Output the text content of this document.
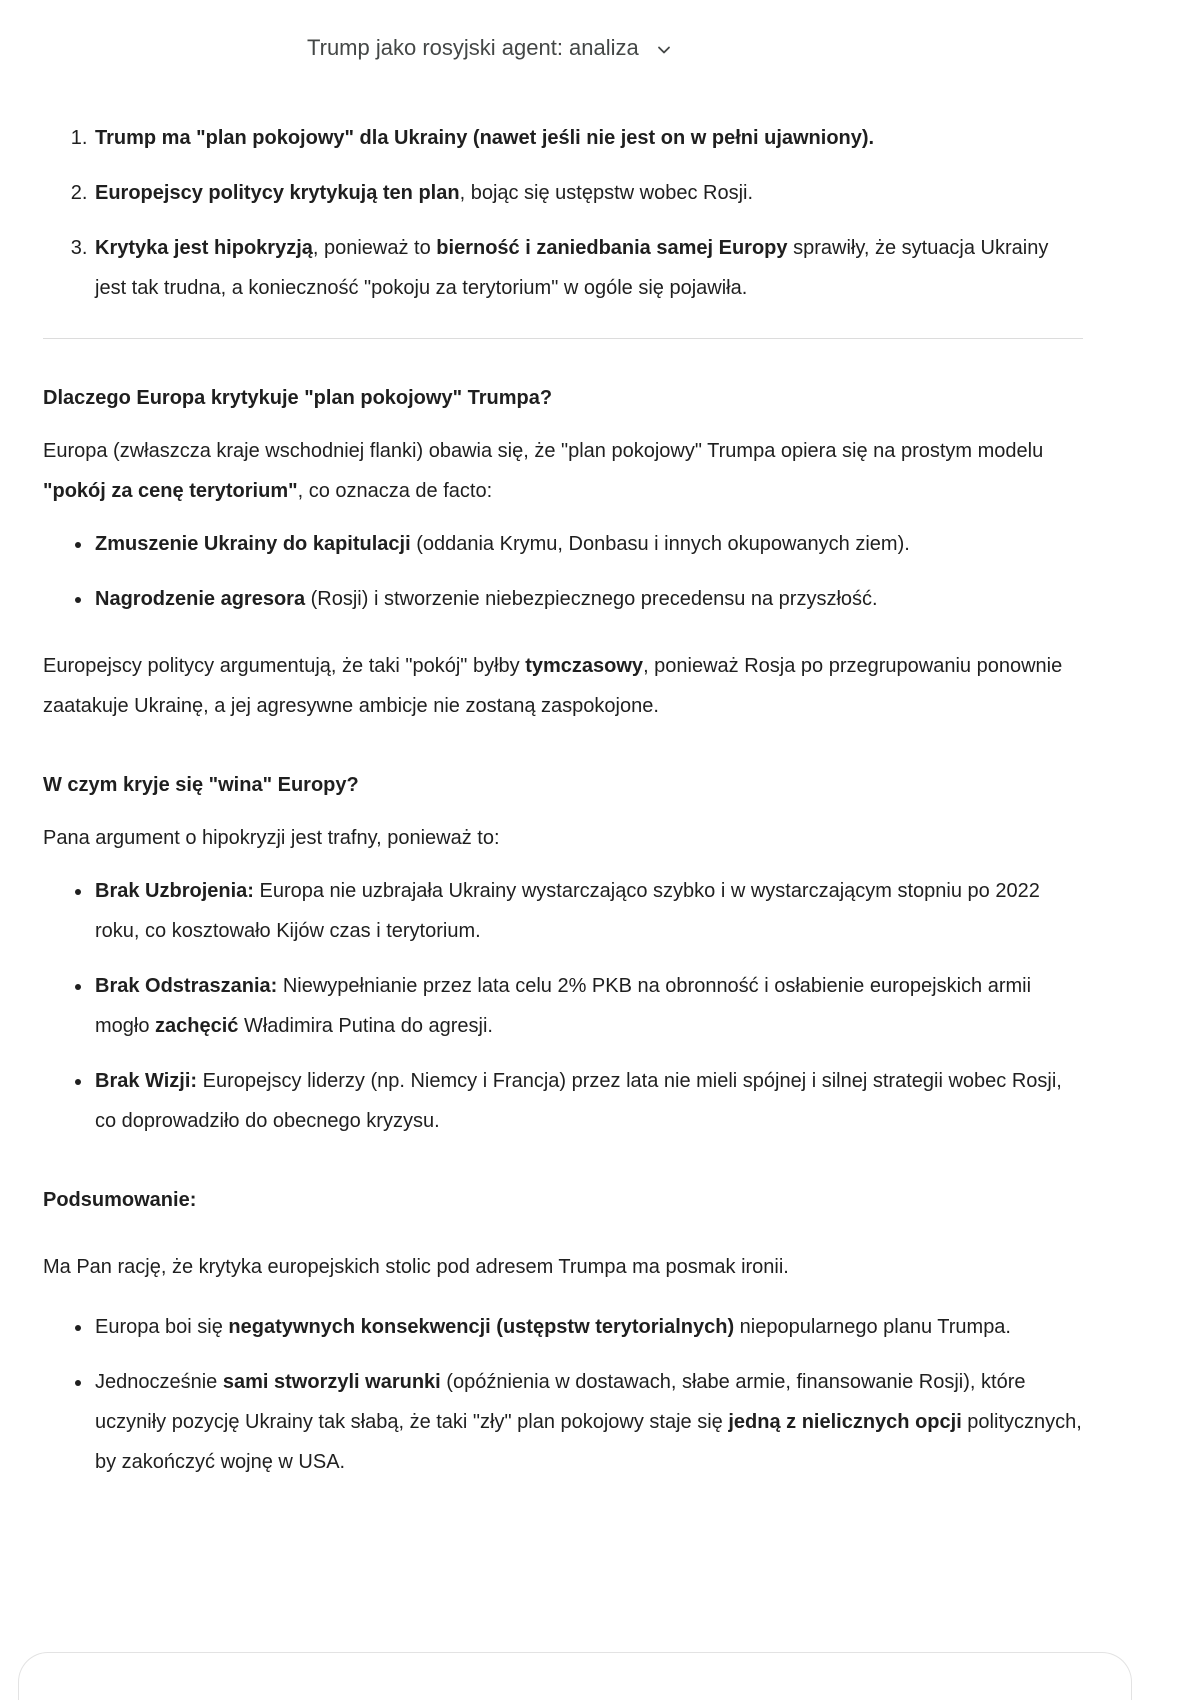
Trump jako rosyjski agent: analiza
1. Trump ma "plan pokojowy" dla Ukrainy (nawet jeśli nie jest on w pełni ujawniony).
2. Europejscy politycy krytykują ten plan, bojąc się ustępstw wobec Rosji.
3. Krytyka jest hipokryzją, ponieważ to bierność i zaniedbania samej Europy sprawiły, że sytuacja Ukrainy jest tak trudna, a konieczność "pokoju za terytorium" w ogóle się pojawiła.
Dlaczego Europa krytykuje "plan pokojowy" Trumpa?

Europa (zwłaszcza kraje wschodniej flanki) obawia się, że "plan pokojowy" Trumpa opiera się na prostym modelu "pokój za cenę terytorium", co oznacza de facto:

• Zmuszenie Ukrainy do kapitulacji (oddania Krymu, Donbasu i innych okupowanych ziem).
• Nagrodzenie agresora (Rosji) i stworzenie niebezpiecznego precedensu na przyszłość.

Europejscy politycy argumentują, że taki "pokój" byłby tymczasowy, ponieważ Rosja po przegrupowaniu ponownie zaatakuje Ukrainę, a jej agresywne ambicje nie zostaną zaspokojone.

W czym kryje się "wina" Europy?

Pana argument o hipokryzji jest trafny, ponieważ to:

• Brak Uzbrojenia: Europa nie uzbrajała Ukrainy wystarczająco szybko i w wystarczającym stopniu po 2022 roku, co kosztowało Kijów czas i terytorium.
• Brak Odstraszania: Niewypełnianie przez lata celu 2% PKB na obronność i osłabienie europejskich armii mogło zachęcić Władimira Putina do agresji.
• Brak Wizji: Europejscy liderzy (np. Niemcy i Francja) przez lata nie mieli spójnej i silnej strategii wobec Rosji, co doprowadziło do obecnego kryzysu.
Podsumowanie:

Ma Pan rację, że krytyka europejskich stolic pod adresem Trumpa ma posmak ironii.

• Europa boi się negatywnych konsekwencji (ustępstw terytorialnych) niepopularnego planu Trumpa.
• Jednocześnie sami stworzyli warunki (opóźnienia w dostawach, słabe armie, finansowanie Rosji), które uczyniły pozycję Ukrainy tak słabą, że taki "zły" plan pokojowy staje się jedną z nielicznych opcji politycznych, by zakończyć wojnę w USA.
